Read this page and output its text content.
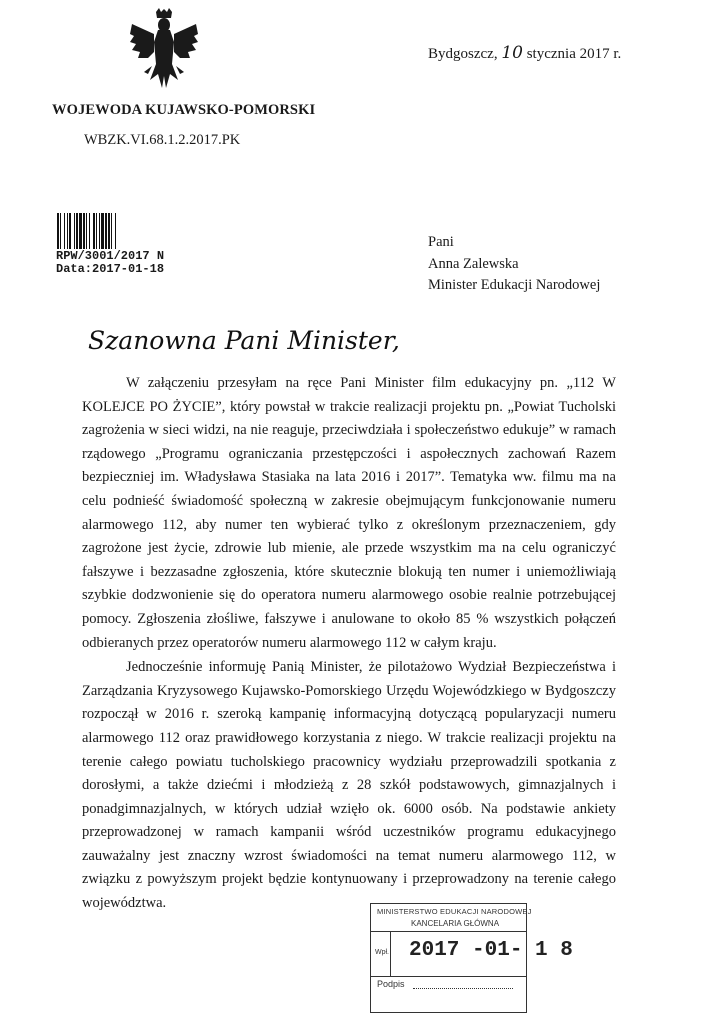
Bydgoszcz, 10 stycznia 2017 r.
WOJEWODA KUJAWSKO-POMORSKI
WBZK.VI.68.1.2.2017.PK
RPW/3001/2017 N
Data:2017-01-18
Pani
Anna Zalewska
Minister Edukacji Narodowej
Szanowna Pani Minister,

W załączeniu przesyłam na ręce Pani Minister film edukacyjny pn. „112 W KOLEJCE PO ŻYCIE”, który powstał w trakcie realizacji projektu pn. „Powiat Tucholski zagrożenia w sieci widzi, na nie reaguje, przeciwdziała i społeczeństwo edukuje” w ramach rządowego „Programu ograniczania przestępczości i aspołecznych zachowań Razem bezpieczniej im. Władysława Stasiaka na lata 2016 i 2017”. Tematyka ww. filmu ma na celu podnieść świadomość społeczną w zakresie obejmującym funkcjonowanie numeru alarmowego 112, aby numer ten wybierać tylko z określonym przeznaczeniem, gdy zagrożone jest życie, zdrowie lub mienie, ale przede wszystkim ma na celu ograniczyć fałszywe i bezzasadne zgłoszenia, które skutecznie blokują ten numer i uniemożliwiają szybkie dodzwonienie się do operatora numeru alarmowego osobie realnie potrzebującej pomocy. Zgłoszenia złośliwe, fałszywe i anulowane to około 85 % wszystkich połączeń odbieranych przez operatorów numeru alarmowego 112 w całym kraju.

Jednocześnie informuję Panią Minister, że pilotażowo Wydział Bezpieczeństwa i Zarządzania Kryzysowego Kujawsko-Pomorskiego Urzędu Wojewódzkiego w Bydgoszczy rozpoczął w 2016 r. szeroką kampanię informacyjną dotyczącą popularyzacji numeru alarmowego 112 oraz prawidłowego korzystania z niego. W trakcie realizacji projektu na terenie całego powiatu tucholskiego pracownicy wydziału przeprowadzili spotkania z dorosłymi, a także dziećmi i młodzieżą z 28 szkół podstawowych, gimnazjalnych i ponadgimnazjalnych, w których udział wzięło ok. 6000 osób. Na podstawie ankiety przeprowadzonej w ramach kampanii wśród uczestników programu edukacyjnego zauważalny jest znaczny wzrost świadomości na temat numeru alarmowego 112, w związku z powyższym projekt będzie kontynuowany i przeprowadzony na terenie całego województwa.

MINISTERSTWO EDUKACJI NARODOWEJ
KANCELARIA GŁÓWNA
Wpł. 2017 -01- 1 8
Podpis
